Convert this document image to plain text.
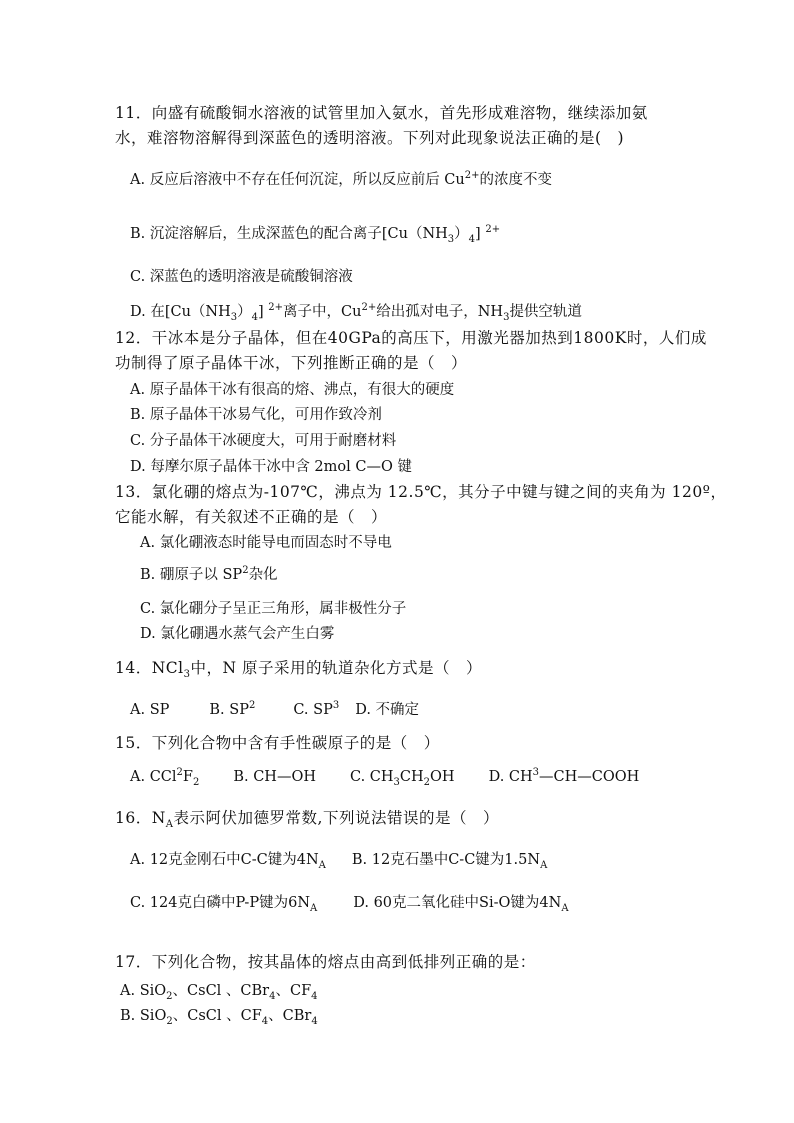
11．向盛有硫酸铜水溶液的试管里加入氨水，首先形成难溶物，继续添加氨
水，难溶物溶解得到深蓝色的透明溶液。下列对此现象说法正确的是(　)
A. 反应后溶液中不存在任何沉淀，所以反应前后 $Cu^{2+}$的浓度不变
B. 沉淀溶解后，生成深蓝色的配合离子$[Cu(NH_3)_4]$ $^{2+}$
C. 深蓝色的透明溶液是硫酸铜溶液
D. 在$[Cu(NH_3)_4]$ $^{2+}$离子中，$Cu^{2+}$给出孤对电子，$NH_3$提供空轨道
12．干冰本是分子晶体，但在40GPa的高压下，用激光器加热到1800K时，人们成
功制得了原子晶体干冰，下列推断正确的是（　）
A. 原子晶体干冰有很高的熔、沸点，有很大的硬度
B. 原子晶体干冰易气化，可用作致冷剂
C. 分子晶体干冰硬度大，可用于耐磨材料
D. 每摩尔原子晶体干冰中含 2mol C—O 键
13．氯化硼的熔点为-107℃，沸点为 12.5℃，其分子中键与键之间的夹角为 120º，
它能水解，有关叙述不正确的是（　）
A. 氯化硼液态时能导电而固态时不导电
B. 硼原子以 $SP^2$杂化
C. 氯化硼分子呈正三角形，属非极性分子
D. 氯化硼遇水蒸气会产生白雾
14．NCl$_3$中，N 原子采用的轨道杂化方式是（　）
A. SP	B. $SP^2$	C. $SP^3$ D. 不确定
15．下列化合物中含有手性碳原子的是（　）
A. $CCl^2F_2$ B. CH—OH C. $CH_3CH_2OH$ D. $CH^3—CH—COOH$
16．$N_A$表示阿伏加德罗常数,下列说法错误的是（　）
A. 12克金刚石中C-C键为$4N_A$ B. 12克石墨中C-C键为$1.5N_A$
C. 124克白磷中P-P键为$6N_A$ D. 60克二氧化硅中Si-O键为$4N_A$
17．下列化合物，按其晶体的熔点由高到低排列正确的是：
A. SiO$_2$、CsCl 、CBr$_4$、$CF_4$
B. SiO$_2$、CsCl 、$CF_4$、CBr$_4$
